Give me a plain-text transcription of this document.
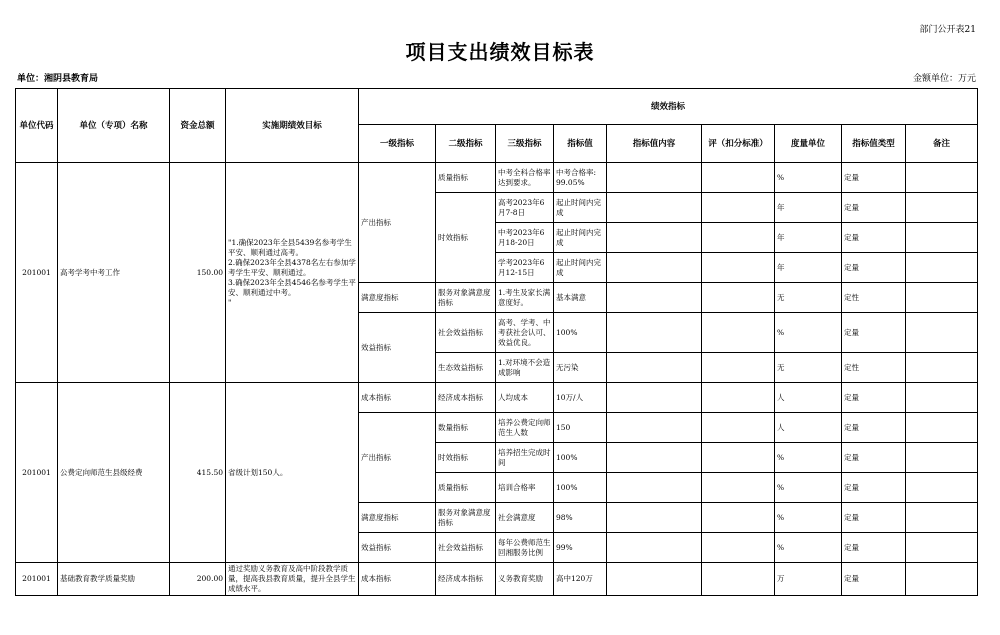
部门公开表21
项目支出绩效目标表
单位：湘阴县教育局	金额单位：万元
单位代码	单位（专项）名称	资金总额	实施期绩效目标	绩效指标								
				一级指标	二级指标	三级指标	指标值	指标值内容	评（扣分标准）	度量单位	指标值类型	备注
201001	高考学考中考工作	150.00	"1.确保2023年全县5439名参考学生平安、顺利通过高考。
2.确保2023年全县4378名左右参加学考学生平安、顺利通过。
3.确保2023年全县4546名参考学生平安、顺利通过中考。
"	产出指标	质量指标	中考全科合格率达到要求。	中考合格率: 99.05%			%	定量	
					时效指标	高考2023年6月7-8日	起止时间内完成			年	定量	
						中考2023年6月18-20日	起止时间内完成			年	定量	
						学考2023年6月12-15日	起止时间内完成			年	定量	
				满意度指标	服务对象满意度指标	1.考生及家长满意度好。	基本满意			无	定性	
				效益指标	社会效益指标	高考、学考、中考获社会认可、效益优良。	100%			%	定量	
					生态效益指标	1.对环境不会造成影响	无污染			无	定性	
201001	公费定向师范生县级经费	415.50	省级计划150人。	成本指标	经济成本指标	人均成本	10万/人			人	定量	
				产出指标	数量指标	培养公费定向师范生人数	150			人	定量	
					时效指标	培养招生完成时间	100%			%	定量	
					质量指标	培训合格率	100%			%	定量	
				满意度指标	服务对象满意度指标	社会满意度	98%			%	定量	
				效益指标	社会效益指标	每年公费师范生回湘服务比例	99%			%	定量	
201001	基础教育教学质量奖励	200.00	通过奖励义务教育及高中阶段教学质量，提高我县教育质量，提升全县学生成绩水平。	成本指标	经济成本指标	义务教育奖励	高中120万			万	定量	
